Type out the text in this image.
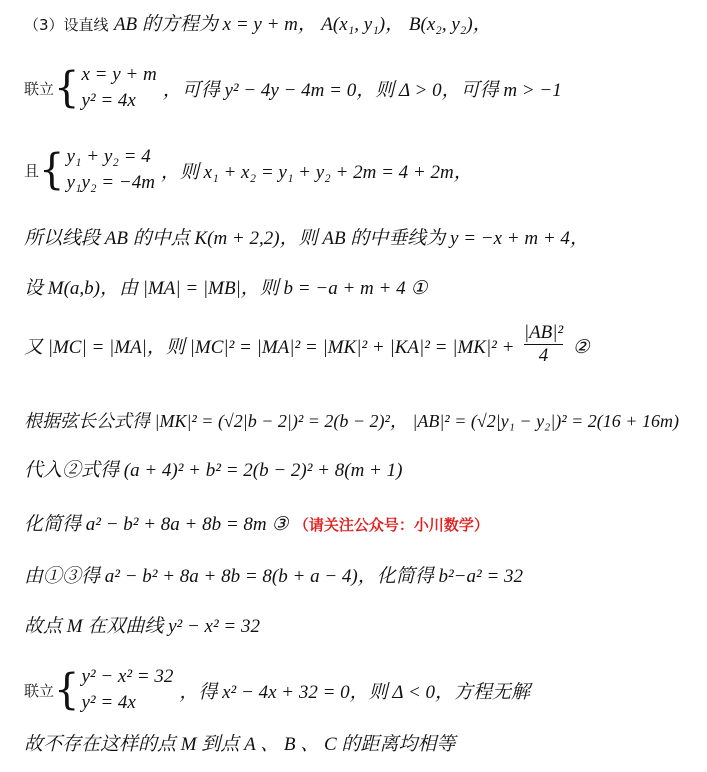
（3）设直线 AB 的方程为 x = y + m， A(x₁, y₁)， B(x₂, y₂)，
联立 { x = y + m
y² = 4x	，可得 y² − 4y − 4m = 0，则 Δ > 0，可得 m > −1
且 { y₁ + y₂ = 4
y₁y₂ = −4m ，则 x₁ + x₂ = y₁ + y₂ + 2m = 4 + 2m，
所以线段 AB 的中点 K(m + 2,2)，则 AB 的中垂线为 y = −x + m + 4，
设 M(a,b)，由 |MA| = |MB|，则 b = −a + m + 4 ①
又 |MC| = |MA|，则 $|MC|^2 = |MA|^2 = |MK|^2 + |KA|^2 = |MK|^2 + \frac{\text{|AB|²}}{4}$ ②
根据弦长公式得 |MK|² = (√2|b − 2|)² = 2(b − 2)²， |AB|² = (√2|y₁ − y₂|)² = 2(16 + 16m)
代入②式得 (a + 4)² + b² = 2(b − 2)² + 8(m + 1)
化简得 a² − b² + 8a + 8b = 8m ③ （请关注公众号：小川数学）
由①③得 a² − b² + 8a + 8b = 8(b + a − 4)，化简得 b²−a² = 32
故点 M 在双曲线 y² − x² = 32
联立 { y² − x² = 32
y² = 4x	，得 x² − 4x + 32 = 0，则 Δ < 0，方程无解
故不存在这样的点 M 到点 A 、 B 、 C 的距离均相等
